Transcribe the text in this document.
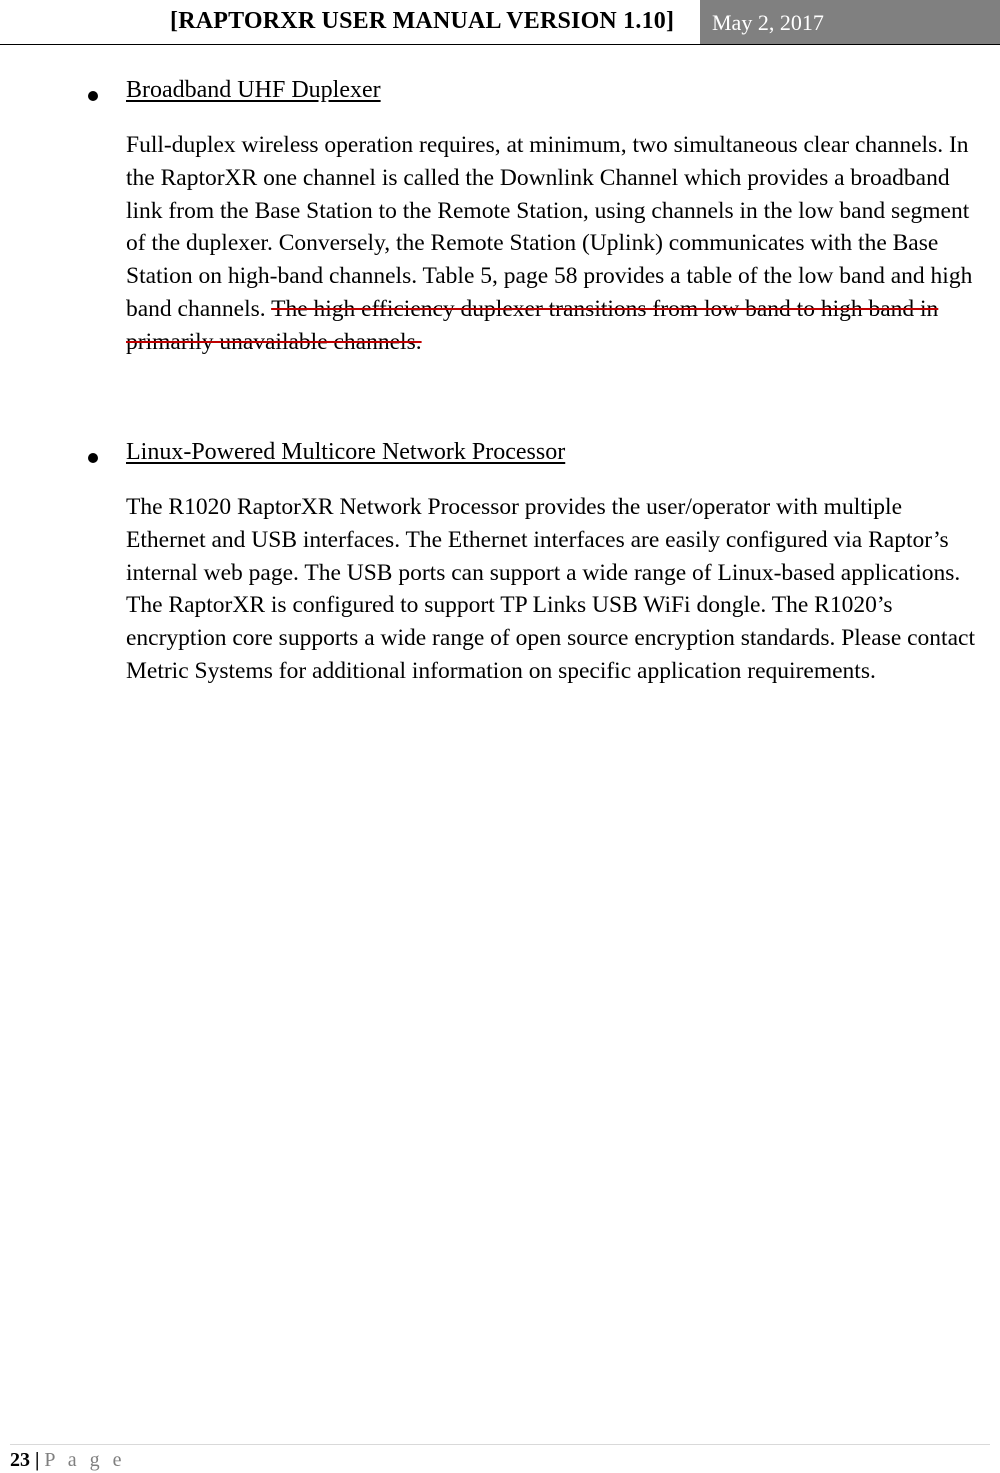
[RAPTORXR USER MANUAL VERSION 1.10] May 2, 2017
Broadband UHF Duplexer

Full-duplex wireless operation requires, at minimum, two simultaneous clear channels. In the RaptorXR one channel is called the Downlink Channel which provides a broadband link from the Base Station to the Remote Station, using channels in the low band segment of the duplexer. Conversely, the Remote Station (Uplink) communicates with the Base Station on high-band channels. Table 5, page 58 provides a table of the low band and high band channels. The high efficiency duplexer transitions from low band to high band in primarily unavailable channels.

Linux-Powered Multicore Network Processor

The R1020 RaptorXR Network Processor provides the user/operator with multiple Ethernet and USB interfaces. The Ethernet interfaces are easily configured via Raptor’s internal web page. The USB ports can support a wide range of Linux-based applications. The RaptorXR is configured to support TP Links USB WiFi dongle. The R1020’s encryption core supports a wide range of open source encryption standards. Please contact Metric Systems for additional information on specific application requirements.

23 | P a g e
